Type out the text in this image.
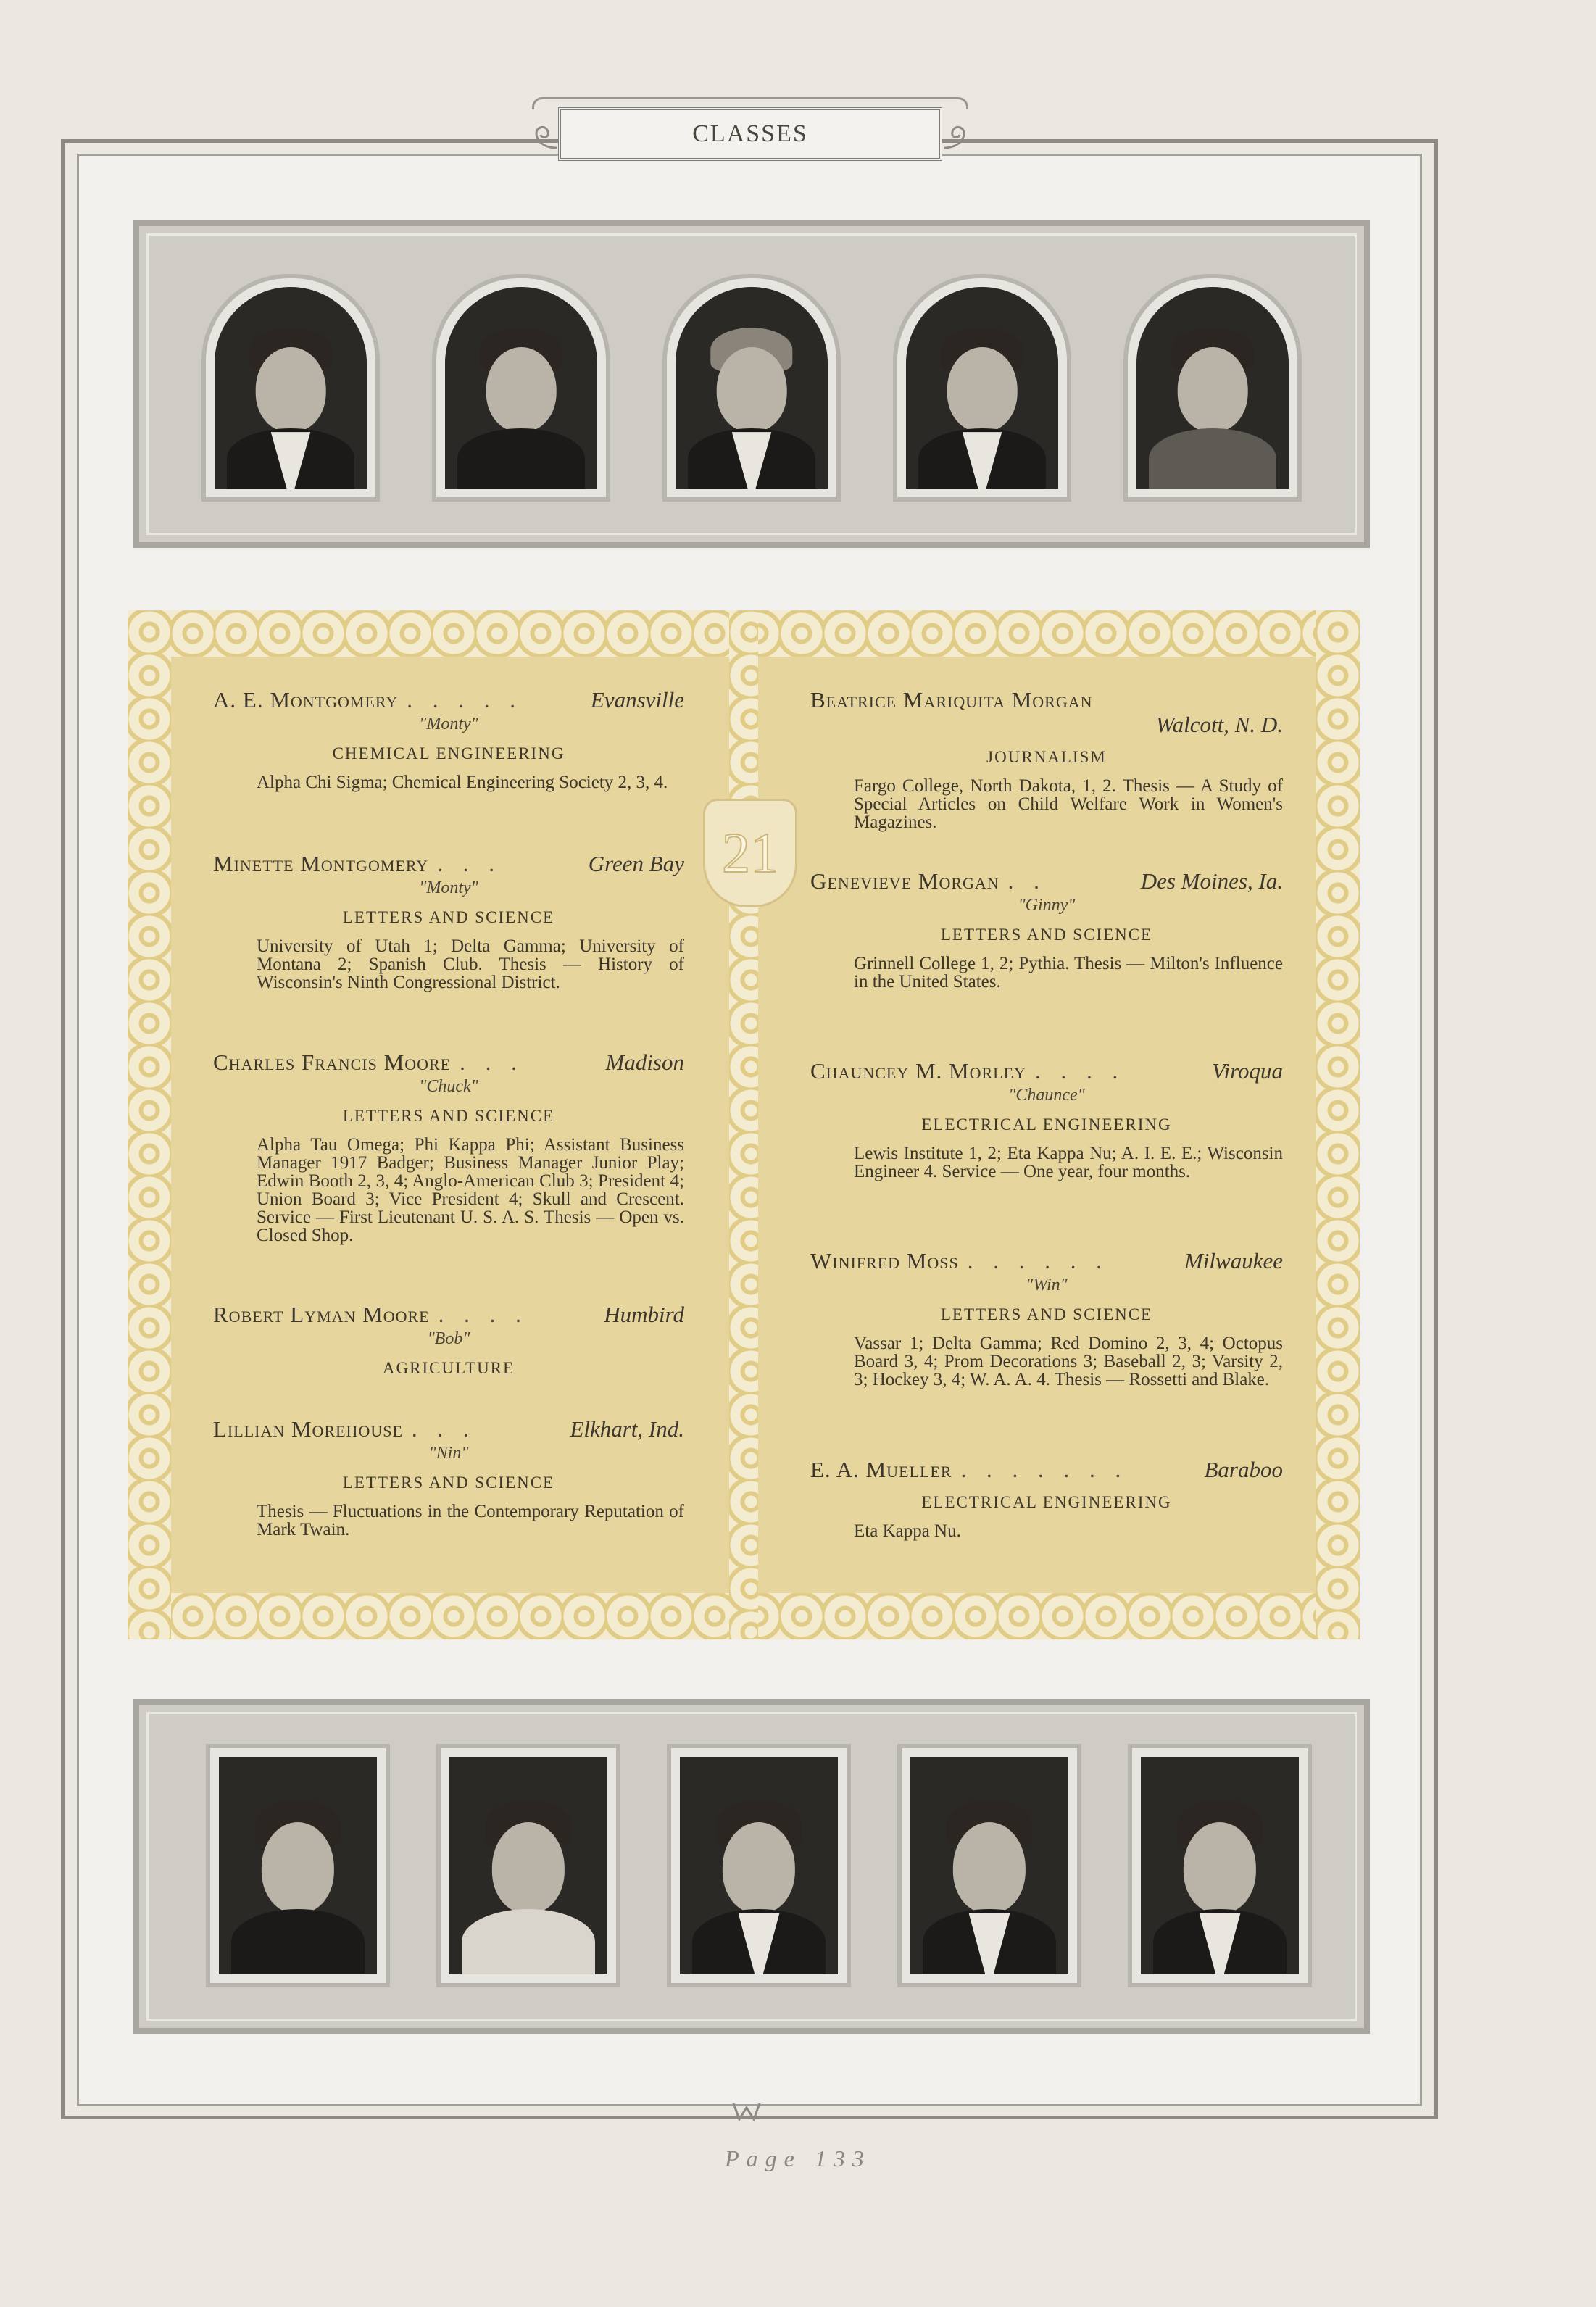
CLASSES
21
A. E. Montgomery . . . . .	Evansville
"Monty"
CHEMICAL ENGINEERING
Alpha Chi Sigma; Chemical Engineering Society 2, 3, 4.
Minette Montgomery . . .	Green Bay
"Monty"
LETTERS AND SCIENCE
University of Utah 1; Delta Gamma; University of Montana 2; Spanish Club. Thesis — History of Wisconsin's Ninth Congressional District.
Charles Francis Moore . . .	Madison
"Chuck"
LETTERS AND SCIENCE
Alpha Tau Omega; Phi Kappa Phi; Assistant Business Manager 1917 Badger; Business Manager Junior Play; Edwin Booth 2, 3, 4; Anglo-American Club 3; President 4; Union Board 3; Vice President 4; Skull and Crescent. Service — First Lieutenant U. S. A. S. Thesis — Open vs. Closed Shop.
Robert Lyman Moore . . . .	Humbird
"Bob"
AGRICULTURE
Lillian Morehouse . . .	Elkhart, Ind.
"Nin"
LETTERS AND SCIENCE
Thesis — Fluctuations in the Contemporary Reputation of Mark Twain.
Beatrice Mariquita Morgan
Walcott, N. D.
JOURNALISM
Fargo College, North Dakota, 1, 2. Thesis — A Study of Special Articles on Child Welfare Work in Women's Magazines.
Genevieve Morgan . .	Des Moines, Ia.
"Ginny"
LETTERS AND SCIENCE
Grinnell College 1, 2; Pythia. Thesis — Milton's Influence in the United States.
Chauncey M. Morley . . . .	Viroqua
"Chaunce"
ELECTRICAL ENGINEERING
Lewis Institute 1, 2; Eta Kappa Nu; A. I. E. E.; Wisconsin Engineer 4. Service — One year, four months.
Winifred Moss . . . . . .	Milwaukee
"Win"
LETTERS AND SCIENCE
Vassar 1; Delta Gamma; Red Domino 2, 3, 4; Octopus Board 3, 4; Prom Decorations 3; Baseball 2, 3; Varsity 2, 3; Hockey 3, 4; W. A. A. 4. Thesis — Rossetti and Blake.
E. A. Mueller . . . . . . .	Baraboo
ELECTRICAL ENGINEERING
Eta Kappa Nu.
Page 133
